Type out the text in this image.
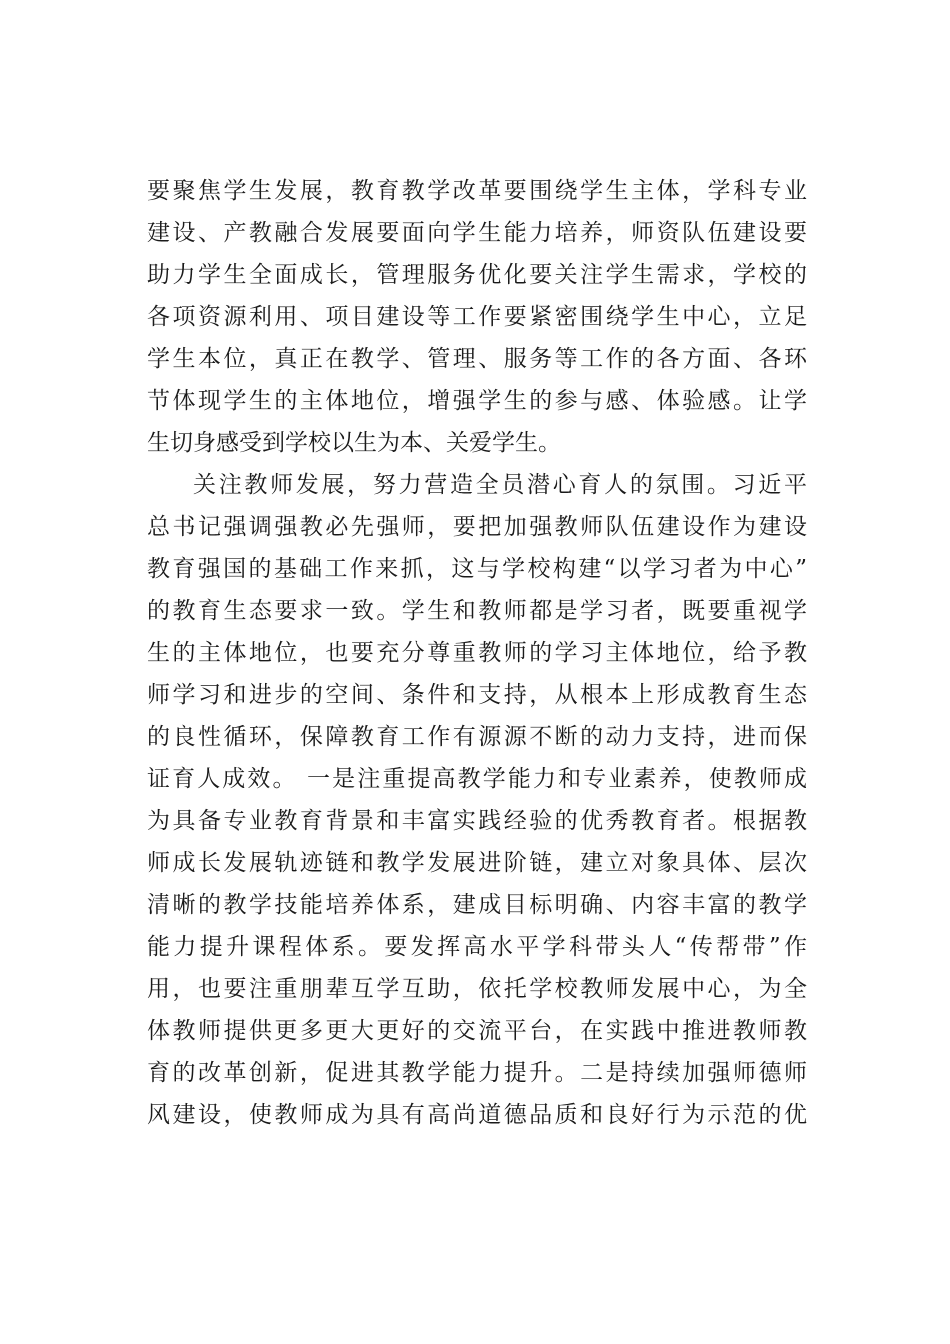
要聚焦学生发展，教育教学改革要围绕学生主体，学科专业
建设、产教融合发展要面向学生能力培养，师资队伍建设要
助力学生全面成长，管理服务优化要关注学生需求，学校的
各项资源利用、项目建设等工作要紧密围绕学生中心，立足
学生本位，真正在教学、管理、服务等工作的各方面、各环
节体现学生的主体地位，增强学生的参与感、体验感。让学
生切身感受到学校以生为本、关爱学生。
关注教师发展，努力营造全员潜心育人的氛围。习近平
总书记强调强教必先强师，要把加强教师队伍建设作为建设
教育强国的基础工作来抓，这与学校构建“以学习者为中心”
的教育生态要求一致。学生和教师都是学习者，既要重视学
生的主体地位，也要充分尊重教师的学习主体地位，给予教
师学习和进步的空间、条件和支持，从根本上形成教育生态
的良性循环，保障教育工作有源源不断的动力支持，进而保
证育人成效。 一是注重提高教学能力和专业素养，使教师成
为具备专业教育背景和丰富实践经验的优秀教育者。根据教
师成长发展轨迹链和教学发展进阶链，建立对象具体、层次
清晰的教学技能培养体系，建成目标明确、内容丰富的教学
能力提升课程体系。要发挥高水平学科带头人“传帮带”作
用，也要注重朋辈互学互助，依托学校教师发展中心，为全
体教师提供更多更大更好的交流平台，在实践中推进教师教
育的改革创新，促进其教学能力提升。二是持续加强师德师
风建设，使教师成为具有高尚道德品质和良好行为示范的优
